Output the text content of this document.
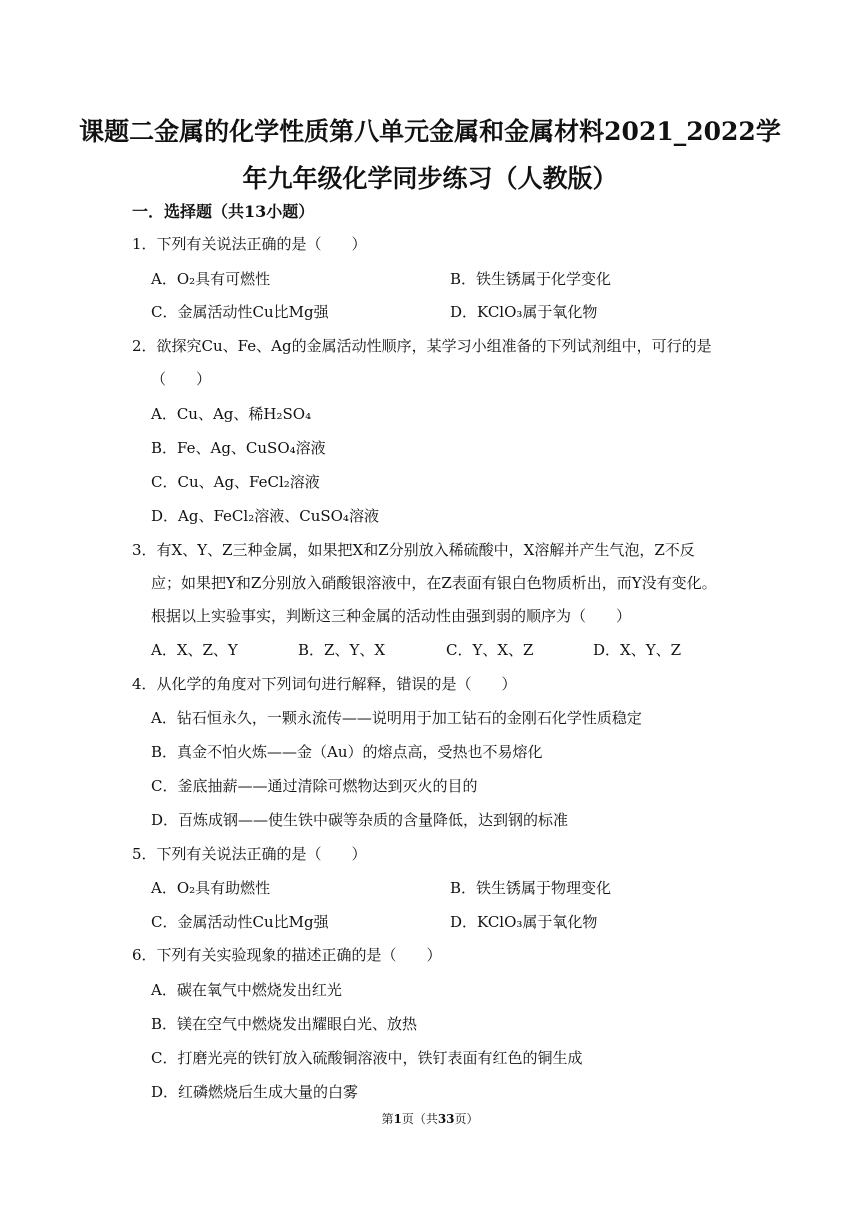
课题二金属的化学性质第八单元金属和金属材料2021_2022学
年九年级化学同步练习（人教版）
一．选择题（共13小题）
1．下列有关说法正确的是（　　）
A．O₂具有可燃性	B．铁生锈属于化学变化
C．金属活动性Cu比Mg强	D．KClO₃属于氧化物
2．欲探究Cu、Fe、Ag的金属活动性顺序，某学习小组准备的下列试剂组中，可行的是
（　　）
A．Cu、Ag、稀H₂SO₄
B．Fe、Ag、CuSO₄溶液
C．Cu、Ag、FeCl₂溶液
D．Ag、FeCl₂溶液、CuSO₄溶液
3．有X、Y、Z三种金属，如果把X和Z分别放入稀硫酸中，X溶解并产生气泡，Z不反
应；如果把Y和Z分别放入硝酸银溶液中，在Z表面有银白色物质析出，而Y没有变化。
根据以上实验事实，判断这三种金属的活动性由强到弱的顺序为（　　）
A．X、Z、Y	B．Z、Y、X	C．Y、X、Z	D．X、Y、Z
4．从化学的角度对下列词句进行解释，错误的是（　　）
A．钻石恒永久，一颗永流传——说明用于加工钻石的金刚石化学性质稳定
B．真金不怕火炼——金（Au）的熔点高，受热也不易熔化
C．釜底抽薪——通过清除可燃物达到灭火的目的
D．百炼成钢——使生铁中碳等杂质的含量降低，达到钢的标准
5．下列有关说法正确的是（　　）
A．O₂具有助燃性	B．铁生锈属于物理变化
C．金属活动性Cu比Mg强	D．KClO₃属于氧化物
6．下列有关实验现象的描述正确的是（　　）
A．碳在氧气中燃烧发出红光
B．镁在空气中燃烧发出耀眼白光、放热
C．打磨光亮的铁钉放入硫酸铜溶液中，铁钉表面有红色的铜生成
D．红磷燃烧后生成大量的白雾
第1页（共33页）
